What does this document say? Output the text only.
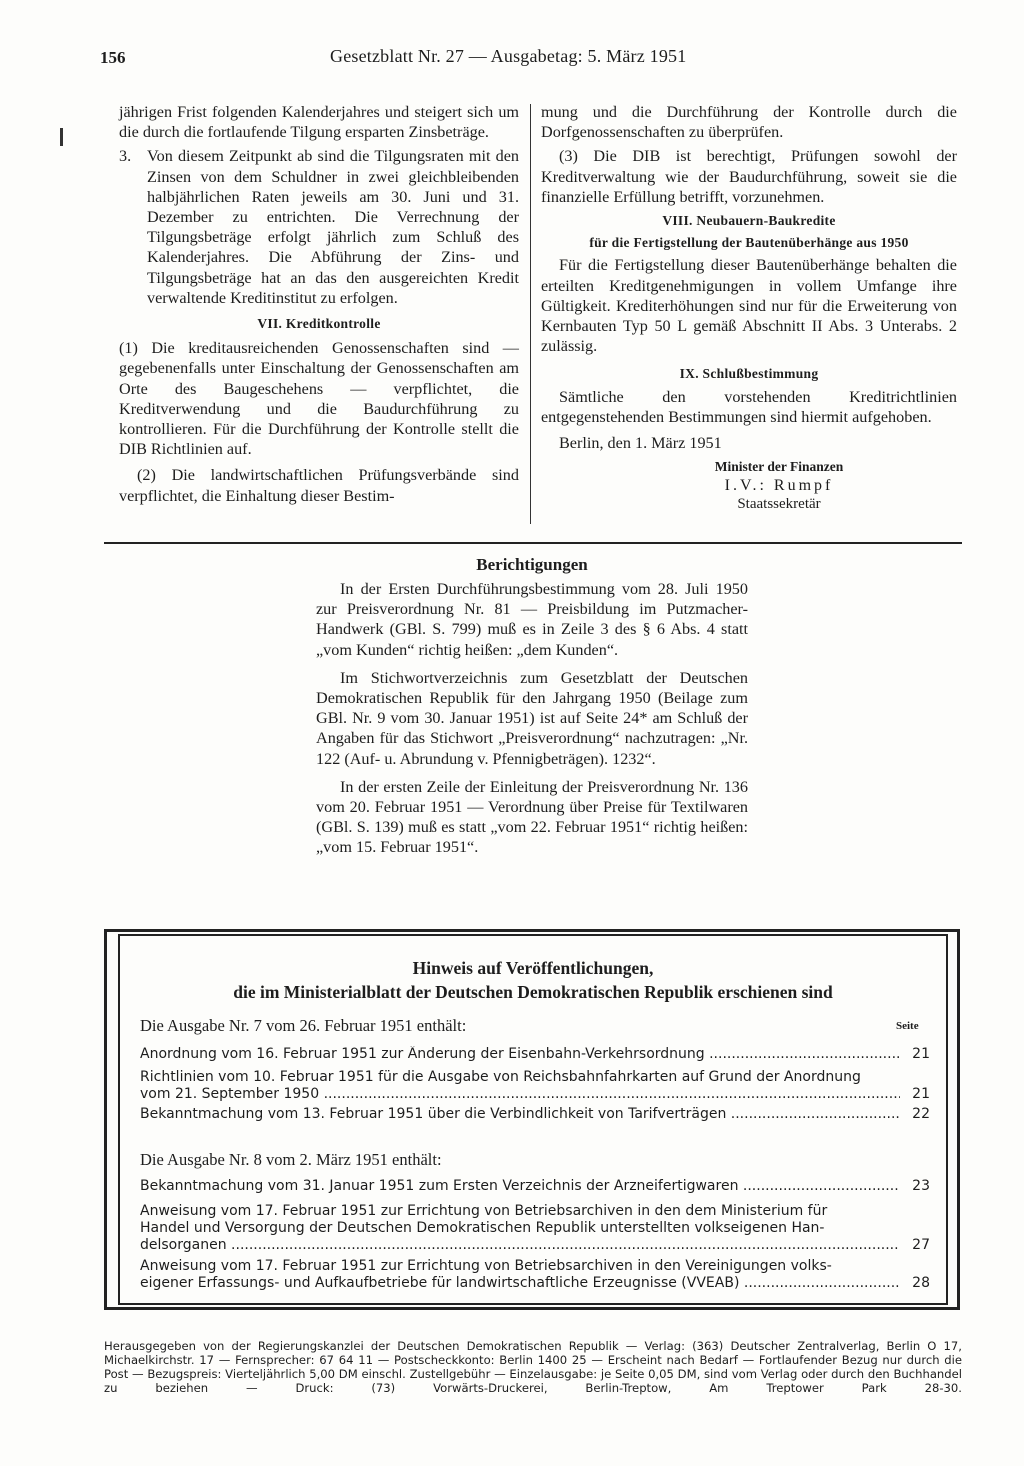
156	Gesetzblatt Nr. 27 — Ausgabetag: 5. März 1951

jährigen Frist folgenden Kalenderjahres und steigert sich um die durch die fortlaufende Tilgung ersparten Zinsbeträge.

3. Von diesem Zeitpunkt ab sind die Tilgungsraten mit den Zinsen von dem Schuldner in zwei gleichbleibenden halbjährlichen Raten jeweils am 30. Juni und 31. Dezember zu entrichten. Die Verrechnung der Tilgungsbeträge erfolgt jährlich zum Schluß des Kalenderjahres. Die Abführung der Zins- und Tilgungsbeträge hat an das den ausgereichten Kredit verwaltende Kreditinstitut zu erfolgen.
VII. Kreditkontrolle

(1) Die kreditausreichenden Genossenschaften sind — gegebenenfalls unter Einschaltung der Genossenschaften am Orte des Baugeschehens — verpflichtet, die Kreditverwendung und die Baudurchführung zu kontrollieren. Für die Durchführung der Kontrolle stellt die DIB Richtlinien auf.

(2) Die landwirtschaftlichen Prüfungsverbände sind verpflichtet, die Einhaltung dieser Bestim-

mung und die Durchführung der Kontrolle durch die Dorfgenossenschaften zu überprüfen.

(3) Die DIB ist berechtigt, Prüfungen sowohl der Kreditverwaltung wie der Baudurchführung, soweit sie die finanzielle Erfüllung betrifft, vorzunehmen.

VIII. Neubauern-Baukredite
für die Fertigstellung der Bautenüberhänge aus 1950

Für die Fertigstellung dieser Bautenüberhänge behalten die erteilten Kreditgenehmigungen in vollem Umfange ihre Gültigkeit. Krediterhöhungen sind nur für die Erweiterung von Kernbauten Typ 50 L gemäß Abschnitt II Abs. 3 Unterabs. 2 zulässig.

IX. Schlußbestimmung

Sämtliche den vorstehenden Kreditrichtlinien entgegenstehenden Bestimmungen sind hiermit aufgehoben.

Berlin, den 1. März 1951

Minister der Finanzen
I.V.: Rumpf
Staatssekretär
Berichtigungen

In der Ersten Durchführungsbestimmung vom 28. Juli 1950 zur Preisverordnung Nr. 81 — Preisbildung im Putzmacher-Handwerk (GBl. S. 799) muß es in Zeile 3 des § 6 Abs. 4 statt „vom Kunden“ richtig heißen: „dem Kunden“.

Im Stichwortverzeichnis zum Gesetzblatt der Deutschen Demokratischen Republik für den Jahrgang 1950 (Beilage zum GBl. Nr. 9 vom 30. Januar 1951) ist auf Seite 24* am Schluß der Angaben für das Stichwort „Preisverordnung“ nachzutragen: „Nr. 122 (Auf- u. Abrundung v. Pfennigbeträgen). 1232“.

In der ersten Zeile der Einleitung der Preisverordnung Nr. 136 vom 20. Februar 1951 — Verordnung über Preise für Textilwaren (GBl. S. 139) muß es statt „vom 22. Februar 1951“ richtig heißen: „vom 15. Februar 1951“.

Hinweis auf Veröffentlichungen,
die im Ministerialblatt der Deutschen Demokratischen Republik erschienen sind
Die Ausgabe Nr. 7 vom 26. Februar 1951 enthält:	Seite
Anordnung vom 16. Februar 1951 zur Änderung der Eisenbahn-Verkehrsordnung .....	21
Richtlinien vom 10. Februar 1951 für die Ausgabe von Reichsbahnfahrkarten auf Grund der Anordnung
vom 21. September 1950 .....	21
Bekanntmachung vom 13. Februar 1951 über die Verbindlichkeit von Tarifverträgen .....	22
Die Ausgabe Nr. 8 vom 2. März 1951 enthält:
Bekanntmachung vom 31. Januar 1951 zum Ersten Verzeichnis der Arzneifertigwaren .....	23
Anweisung vom 17. Februar 1951 zur Errichtung von Betriebsarchiven in den dem Ministerium für
Handel und Versorgung der Deutschen Demokratischen Republik unterstellten volkseigenen Han-
delsorganen .....	27
Anweisung vom 17. Februar 1951 zur Errichtung von Betriebsarchiven in den Vereinigungen volks-
eigener Erfassungs- und Aufkaufbetriebe für landwirtschaftliche Erzeugnisse (VVEAB) .....	28
Herausgegeben von der Regierungskanzlei der Deutschen Demokratischen Republik — Verlag: (363) Deutscher Zentralverlag, Berlin O 17, Michaelkirchstr. 17 — Fernsprecher: 67 64 11 — Postscheckkonto: Berlin 1400 25 — Erscheint nach Bedarf — Fortlaufender Bezug nur durch die Post — Bezugspreis: Vierteljährlich 5,00 DM einschl. Zustellgebühr — Einzelausgabe: je Seite 0,05 DM, sind vom Verlag oder durch den Buchhandel zu beziehen — Druck: (73) Vorwärts-Druckerei, Berlin-Treptow, Am Treptower Park 28-30.
